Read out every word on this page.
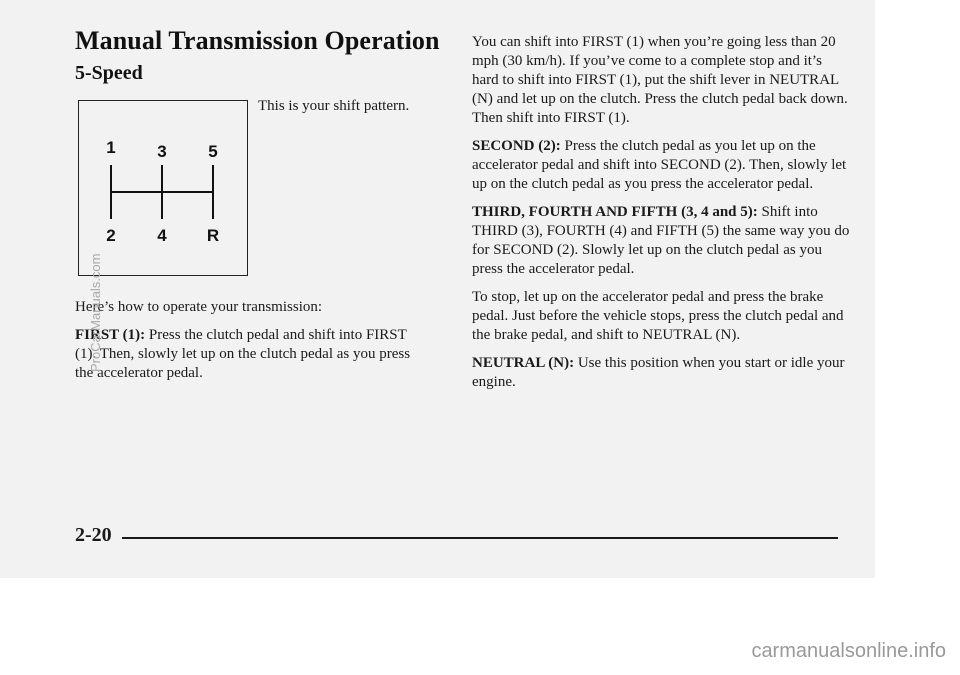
Manual Transmission Operation
5-Speed
1 3 5
2 4 R

This is your shift pattern.

Here’s how to operate your transmission:

FIRST (1): Press the clutch pedal and shift into FIRST (1). Then, slowly let up on the clutch pedal as you press the accelerator pedal.

You can shift into FIRST (1) when you’re going less than 20 mph (30 km/h). If you’ve come to a complete stop and it’s hard to shift into FIRST (1), put the shift lever in NEUTRAL (N) and let up on the clutch. Press the clutch pedal back down. Then shift into FIRST (1).

SECOND (2): Press the clutch pedal as you let up on the accelerator pedal and shift into SECOND (2). Then, slowly let up on the clutch pedal as you press the accelerator pedal.

THIRD, FOURTH AND FIFTH (3, 4 and 5): Shift into THIRD (3), FOURTH (4) and FIFTH (5) the same way you do for SECOND (2). Slowly let up on the clutch pedal as you press the accelerator pedal.

To stop, let up on the accelerator pedal and press the brake pedal. Just before the vehicle stops, press the clutch pedal and the brake pedal, and shift to NEUTRAL (N).

NEUTRAL (N): Use this position when you start or idle your engine.

2-20
ProCarManuals.com
carmanualsonline.info
